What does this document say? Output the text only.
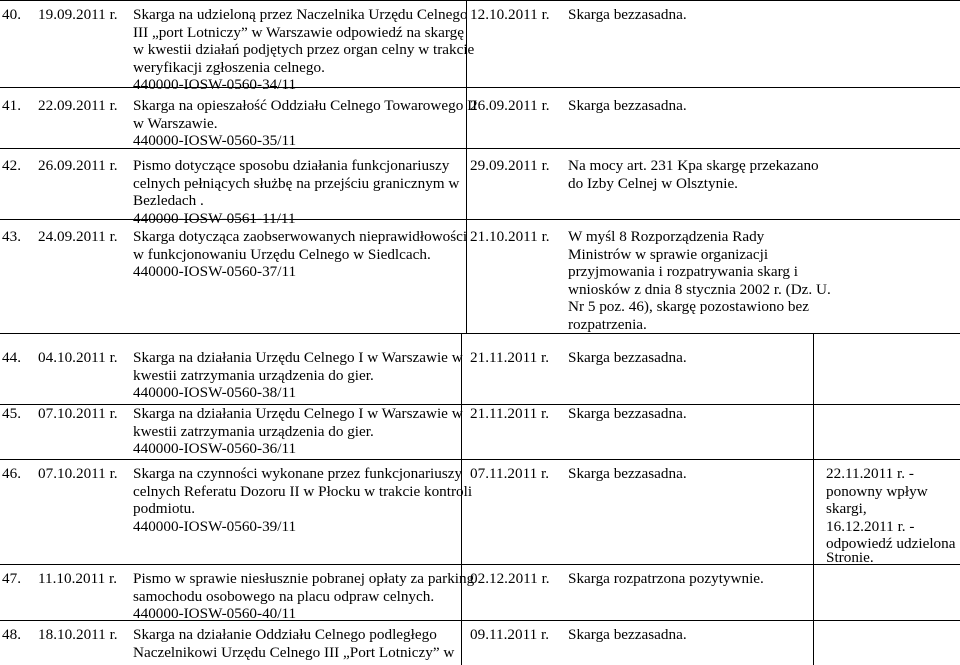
40. 19.09.2011 r. Skarga na udzieloną przez Naczelnika Urzędu Celnego
III „port Lotniczy” w Warszawie odpowiedź na skargę
w kwestii działań podjętych przez organ celny w trakcie
weryfikacji zgłoszenia celnego.
440000-IOSW-0560-34/11
12.10.2011 r. Skarga bezzasadna.
41. 22.09.2011 r. Skarga na opieszałość Oddziału Celnego Towarowego II
w Warszawie.
440000-IOSW-0560-35/11
26.09.2011 r. Skarga bezzasadna.
42. 26.09.2011 r. Pismo dotyczące sposobu działania funkcjonariuszy
celnych pełniących służbę na przejściu granicznym w
Bezledach .
440000-IOSW-0561-11/11
29.09.2011 r. Na mocy art. 231 Kpa skargę przekazano
do Izby Celnej w Olsztynie.
43. 24.09.2011 r. Skarga dotycząca zaobserwowanych nieprawidłowości
w funkcjonowaniu Urzędu Celnego w Siedlcach.
440000-IOSW-0560-37/11
21.10.2011 r. W myśl 8 Rozporządzenia Rady
Ministrów w sprawie organizacji
przyjmowania i rozpatrywania skarg i
wniosków z dnia 8 stycznia 2002 r. (Dz. U.
Nr 5 poz. 46), skargę pozostawiono bez
rozpatrzenia.
44. 04.10.2011 r. Skarga na działania Urzędu Celnego I w Warszawie w
kwestii zatrzymania urządzenia do gier.
440000-IOSW-0560-38/11
21.11.2011 r. Skarga bezzasadna.
45. 07.10.2011 r. Skarga na działania Urzędu Celnego I w Warszawie w
kwestii zatrzymania urządzenia do gier.
440000-IOSW-0560-36/11
21.11.2011 r. Skarga bezzasadna.
46. 07.10.2011 r. Skarga na czynności wykonane przez funkcjonariuszy
celnych Referatu Dozoru II w Płocku w trakcie kontroli
podmiotu.
440000-IOSW-0560-39/11
07.11.2011 r. Skarga bezzasadna.	22.11.2011 r. -
ponowny wpływ
skargi,
16.12.2011 r. -
odpowiedź udzielona
Stronie.
47. 11.10.2011 r. Pismo w sprawie niesłusznie pobranej opłaty za parking
samochodu osobowego na placu odpraw celnych.
440000-IOSW-0560-40/11
02.12.2011 r. Skarga rozpatrzona pozytywnie.
48. 18.10.2011 r. Skarga na działanie Oddziału Celnego podległego
Naczelnikowi Urzędu Celnego III „Port Lotniczy” w
09.11.2011 r. Skarga bezzasadna.
